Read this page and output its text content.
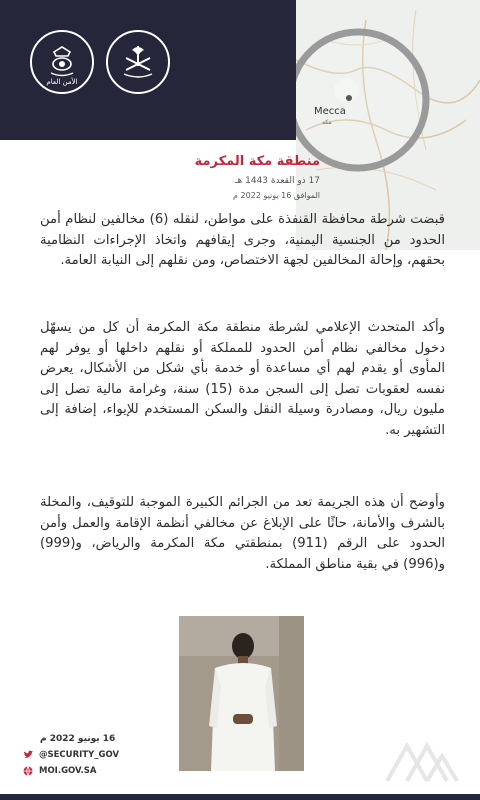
الأمن العام
Mecca
مكة
منطقة مكة المكرمة
17 ذو القعدة 1443 هـ
الموافق 16 يونيو 2022 م

قبضت شرطة محافظة القنفذة على مواطن، لنقله (6) مخالفين لنظام أمن الحدود من الجنسية اليمنية، وجرى إيقافهم واتخاذ الإجراءات النظامية بحقهم، وإحالة المخالفين لجهة الاختصاص، ومن نقلهم إلى النيابة العامة.

وأكد المتحدث الإعلامي لشرطة منطقة مكة المكرمة أن كل من يسهّل دخول مخالفي نظام أمن الحدود للمملكة أو نقلهم داخلها أو يوفر لهم المأوى أو يقدم لهم أي مساعدة أو خدمة بأي شكل من الأشكال، يعرض نفسه لعقوبات تصل إلى السجن مدة (15) سنة، وغرامة مالية تصل إلى مليون ريال، ومصادرة وسيلة النقل والسكن المستخدم للإيواء، إضافة إلى التشهير به.

وأوضح أن هذه الجريمة تعد من الجرائم الكبيرة الموجبة للتوقيف، والمخلة بالشرف والأمانة، حاثًا على الإبلاغ عن مخالفي أنظمة الإقامة والعمل وأمن الحدود على الرقم (911) بمنطقتي مكة المكرمة والرياض، و(999) و(996) في بقية مناطق المملكة.

16 يونيو 2022 م
@SECURITY_GOV
MOI.GOV.SA
